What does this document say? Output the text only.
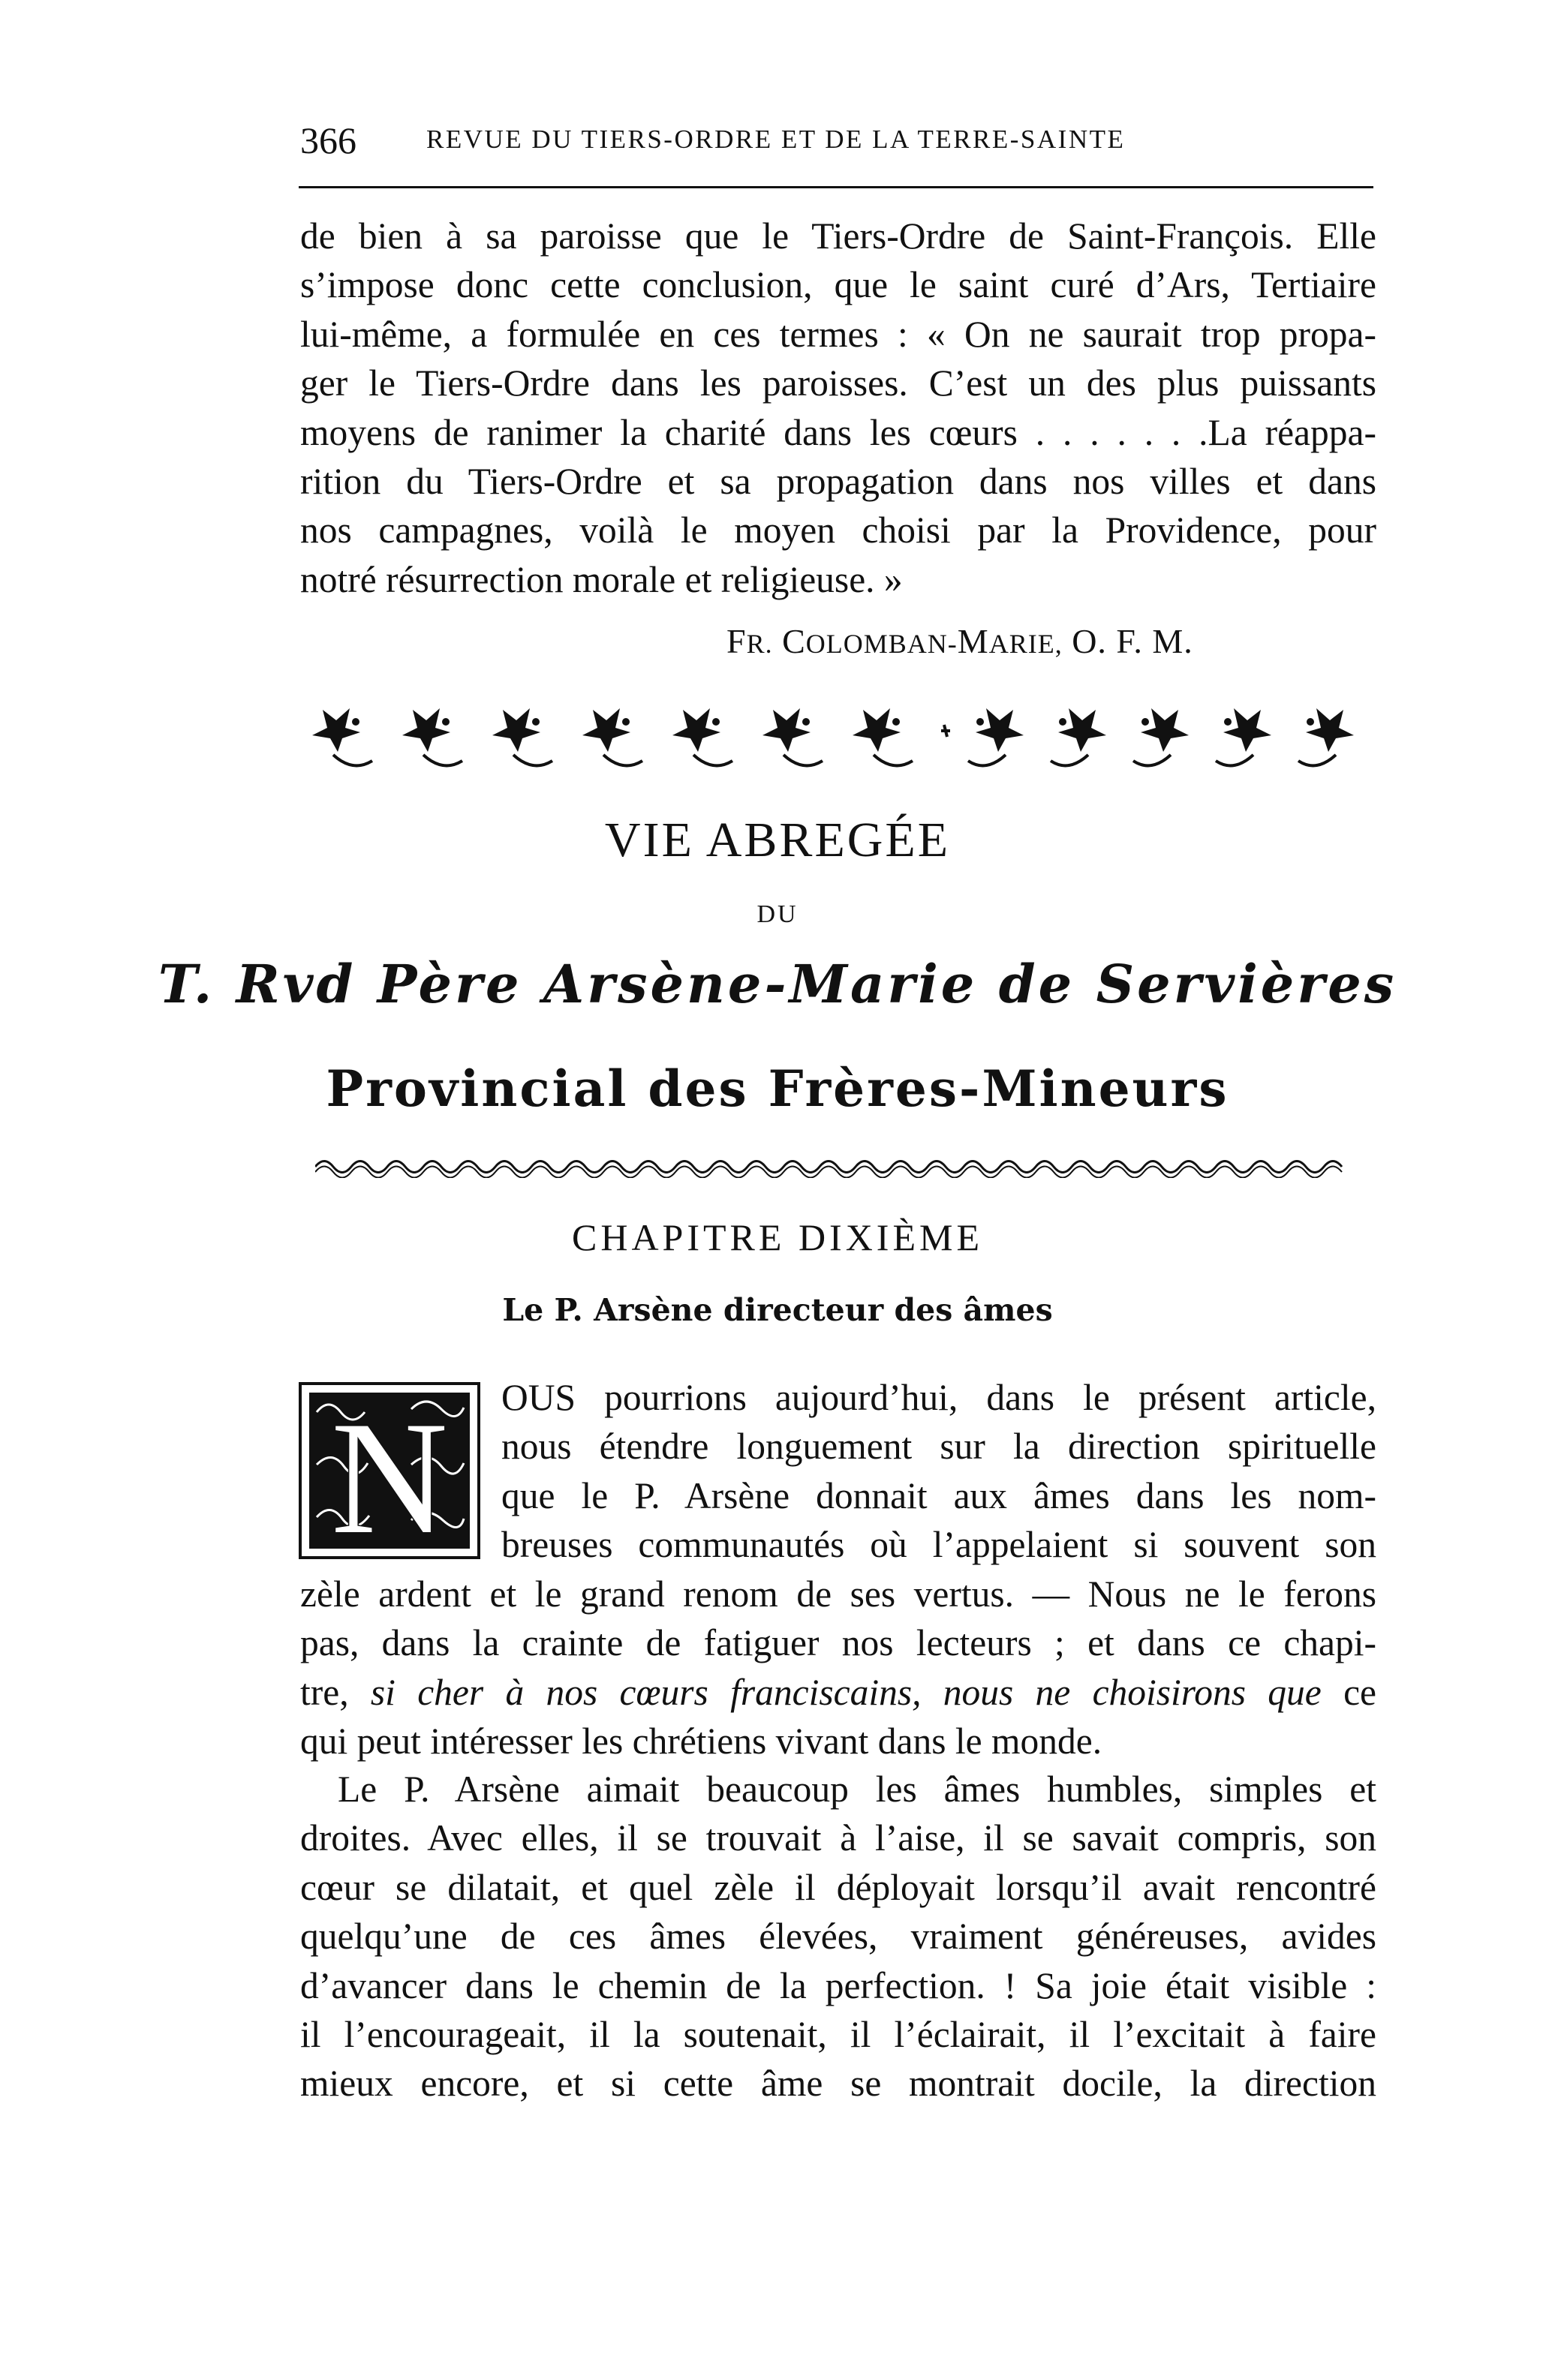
366	REVUE DU TIERS-ORDRE ET DE LA TERRE-SAINTE

de bien à sa paroisse que le Tiers-Ordre de Saint-François. Elle
s’impose donc cette conclusion, que le saint curé d’Ars, Tertiaire
lui-même, a formulée en ces termes : « On ne saurait trop propa-
ger le Tiers-Ordre dans les paroisses. C’est un des plus puissants
moyens de ranimer la charité dans les cœurs . . . . . . .La réappa-
rition du Tiers-Ordre et sa propagation dans nos villes et dans
nos campagnes, voilà le moyen choisi par la Providence, pour
notré résurrection morale et religieuse. »

FR. COLOMBAN-MARIE, O. F. M.
VIE ABREGÉE
DU
T. Rvd Père Arsène-Marie de Servières
Provincial des Frères-Mineurs
CHAPITRE DIXIÈME
Le P. Arsène directeur des âmes
N OUS pourrions aujourd’hui, dans le présent article,
nous étendre longuement sur la direction spirituelle
que le P. Arsène donnait aux âmes dans les nom-
breuses communautés où l’appelaient si souvent son

zèle ardent et le grand renom de ses vertus. — Nous ne le ferons
pas, dans la crainte de fatiguer nos lecteurs ; et dans ce chapi-
tre, si cher à nos cœurs franciscains, nous ne choisirons que ce
qui peut intéresser les chrétiens vivant dans le monde.

Le P. Arsène aimait beaucoup les âmes humbles, simples et
droites. Avec elles, il se trouvait à l’aise, il se savait compris, son
cœur se dilatait, et quel zèle il déployait lorsqu’il avait rencontré
quelqu’une de ces âmes élevées, vraiment généreuses, avides
d’avancer dans le chemin de la perfection. ! Sa joie était visible :
il l’encourageait, il la soutenait, il l’éclairait, il l’excitait à faire
mieux encore, et si cette âme se montrait docile, la direction
